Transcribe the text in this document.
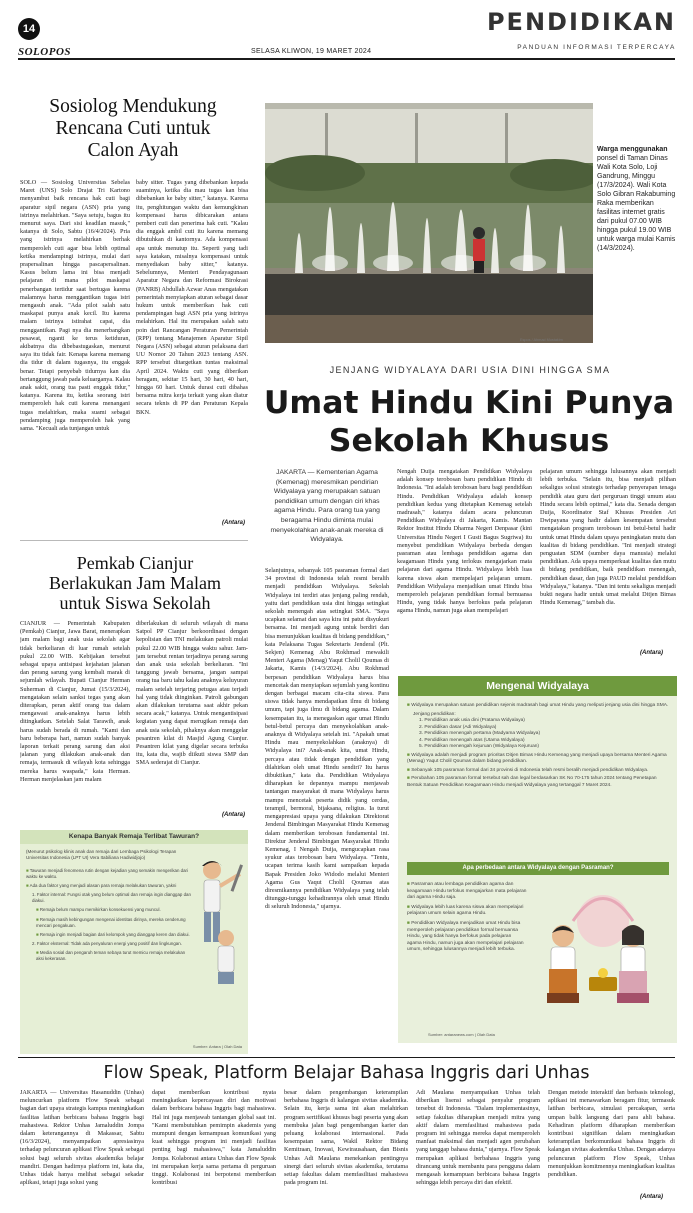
14
SOLOPOS	SELASA KLIWON, 19 MARET 2024
PENDIDIKAN
PANDUAN INFORMASI TERPERCAYA
Sosiolog Mendukung
Rencana Cuti untuk
Calon Ayah
SOLO — Sosiolog Universitas Sebelas Maret (UNS) Solo Drajat Tri Kartono menyambut baik rencana hak cuti bagi aparatur sipil negara (ASN) pria yang istrinya melahirkan. "Saya setuju, bagus itu menurut saya. Dari sisi keadilan masuk," katanya di Solo, Sabtu (16/4/2024). Pria yang istrinya melahirkan berhak memperoleh cuti agar bisa lebih optimal ketika mendampingi istrinya, mulai dari prapersalinan hingga pascapersalinan. Kasus belum lama ini bisa menjadi pelajaran di mana pilot maskapai penerbangan tertidur saat bertugas karena malamnya harus menggantikan tugas istri mengasuh anak. "Ada pilot salah satu maskapai punya anak kecil. Itu karena malam istrinya istirahat capai, dia menggantikan. Pagi nya dia menerbangkan pesawat, nganti ke terus ketiduran, akibatnya dia dibebastugaskan, menurut saya itu tidak fair. Kenapa karena memang dia tidur di dalam tugasnya, itu enggak benar. Tetapi penyebab tidurnya kan dia bertanggung jawab pada keluarganya. Kalau anak sakit, orang tua pasti enggak tidur," katanya. Karena itu, ketika seorang istri memperoleh hak cuti karena menangani tugas melahirkan, maka suami sebagai pendamping juga memperoleh hak yang sama. "Kecuali ada tunjangan untuk
baby sitter. Tugas yang dibebankan kepada suaminya, ketika dia mau tugas kan bisa dibebankan ke baby sitter," katanya. Karena itu, penghitungan waktu dan kemungkinan kompensasi harus dibicarakan antara pemberi cuti dan penerima hak cuti. "Kalau dia enggak ambil cuti itu karena memang dibutuhkan di kantornya. Ada kompensasi apa untuk menutup itu. Seperti yang tadi saya katakan, misalnya kompensasi untuk menyediakan baby sitter," katanya. Sebelumnya, Menteri Pendayagunaan Aparatur Negara dan Reformasi Birokrasi (PANRB) Abdullah Azwar Anas mengatakan pemerintah menyiapkan aturan sebagai dasar hukum untuk memberikan hak cuti pendampingan bagi ASN pria yang istrinya melahirkan. Hal itu merupakan salah satu poin dari Rancangan Peraturan Pemerintah (RPP) tentang Manajemen Aparatur Sipil Negara (ASN) sebagai aturan pelaksana dari UU Nomor 20 Tahun 2023 tentang ASN. RPP tersebut ditargetkan tuntas maksimal April 2024. Waktu cuti yang diberikan beragam, sekitar 15 hari, 30 hari, 40 hari, hingga 60 hari. Untuk durasi cuti dibahas bersama mitra kerja terkait yang akan diatur secara teknis di PP dan Peraturan Kepala BKN.
(Antara)
Pemkab Cianjur
Berlakukan Jam Malam
untuk Siswa Sekolah
CIANJUR — Pemerintah Kabupaten (Pemkab) Cianjur, Jawa Barat, menerapkan jam malam bagi anak usia sekolah agar tidak berkeliaran di luar rumah setelah pukul 22.00 WIB. Kebijakan tersebut sebagai upaya antisipasi kejahatan jalanan dan perang sarung yang kembali marak di sejumlah wilayah. Bupati Cianjur Herman Suherman di Cianjur, Jumat (15/3/2024), mengatakan selain sanksi tegas yang akan diterapkan, peran aktif orang tua dalam mengawasi anak-anaknya harus lebih ditingkatkan. Setelah Salat Tarawih, anak harus sudah berada di rumah. "Kami dan baru beberapa hari, namun sudah banyak laporan terkait perang sarung dan aksi jalanan yang dilakukan anak-anak dan remaja, termasuk di wilayah kota sehingga mereka harus waspada," kata Herman. Herman menjelaskan jam malam
diberlakukan di seluruh wilayah di mana Satpol PP Cianjur berkoordinasi dengan kepolisian dan TNI melakukan patroli mulai pukul 22.00 WIB hingga waktu sahur. Jam-jam tersebut rentan terjadinya perang sarung dan anak usia sekolah berkeliaran. "Ini tanggung jawab bersama, jangan sampai orang tua baru tahu kalau anaknya keluyuran malam setelah terjaring petugas atau terjadi hal yang tidak diinginkan. Patroli gabungan akan dilakukan terutama saat akhir pekan secara acak," katanya. Untuk mengantisipasi kegiatan yang dapat merugikan remaja dan anak usia sekolah, pihaknya akan menggelar pesantren kilat di Masjid Agung Cianjur. Pesantren kilat yang digelar secara terbuka itu, kata dia, wajib diikuti siswa SMP dan SMA sederajat di Cianjur.
(Antara)
Kenapa Banyak Remaja Terlibat Tawuran?
(Menurut psikolog klinis anak dan remaja dari Lembaga Psikologi Terapan Universitas Indonesia (LPT UI) Vera Itabiliana Hadiwidjojo)
■ Tawuran menjadi fenomena rutin dengan kejadian yang semakin mengerikan dari waktu ke waktu.
■ Ada dua faktor yang menjadi alasan para remaja melakukan tawuran, yakni
1. Faktor internal: Fungsi otak yang belum optimal dan remaja ingin dianggap dan diakui.
■ Remaja belum mampu memikirkan konsekuensi yang muncul.
■ Remaja masih kebingungan mengenai identitas dirinya, mereka cenderung mencari pengakuan.
■ Remaja ingin menjadi bagian dari kelompok yang dianggap keren dan diakui.
2. Faktor eksternal: Tidak ada penyaluran energi yang positif dan lingkungan.
■ Media sosial dan pengaruh teman sebaya turut memicu remaja melakukan aksi kekerasan.
Sumber: Antara | Olah Data
Espos / Ahmad Mustakim
Warga menggunakan
ponsel di Taman Dinas Wali Kota Solo, Loji Gandrung, Minggu (17/3/2024). Wali Kota Solo Gibran Rakabuming Raka memberikan fasilitas internet gratis dari pukul 07.00 WIB hingga pukul 19.00 WIB untuk warga mulai Kamis (14/3/2024).
JENJANG WIDYALAYA DARI USIA DINI HINGGA SMA
Umat Hindu Kini Punya
Sekolah Khusus
JAKARTA — Kementerian Agama (Kemenag) meresmikan pendirian Widyalaya yang merupakan satuan pendidikan umum dengan ciri khas agama Hindu. Para orang tua yang beragama Hindu diminta mulai menyekolahkan anak-anak mereka di Widyalaya.
Selanjutnya, sebanyak 105 pasraman formal dari 34 provinsi di Indonesia telah resmi beralih menjadi pendidikan Widyalaya. Sekolah Widyalaya ini terdiri atas jenjang paling rendah, yaitu dari pendidikan usia dini hingga setingkat sekolah menengah atas setingkat SMA. "Saya ucapkan selamat dan saya kira ini patut disyukuri bersama. Ini menjadi agung untuk berdiri dan bisa menunjukkan kualitas di bidang pendidikan," kata Pelaksana Tugas Sekretaris Jenderal (Plt. Sekjen) Kemenag Abu Rokhmad mewakili Menteri Agama (Menag) Yaqut Cholil Qoumas di Jakarta, Kamis (14/3/2024). Abu Rokhmad berpesan pendidikan Widyalaya harus bisa mencetak dan menyiapkan sejumlah yang kontinu dengan berbagai macam cita-cita siswa. Para siswa tidak hanya mendapatkan ilmu di bidang umum, tapi juga ilmu di bidang agama. Dalam kesempatan itu, ia menegaskan agar umat Hindu betul-betul percaya dan menyekolahkan anak-anaknya di Widyalaya setelah ini. "Apakah umat Hindu mau menyekolahkan (anaknya) di Widyalaya ini? Anak-anak kita, umat Hindu, percaya atau tidak dengan pendidikan yang dilahirkan oleh umat Hindu sendiri? Itu harus dibuktikan," kata dia. Pendidikan Widyalaya diharapkan ke depannya mampu menjawab tantangan masyarakat di mana Widyalaya harus mampu mencetak peserta didik yang cerdas, terampil, bermoral, bijaksana, religius. Ia turut mengapresiasi upaya yang dilakukan Direktorat Jenderal Bimbingan Masyarakat Hindu Kemenag dalam memberikan terobosan fundamental ini. Direktur Jenderal Bimbingan Masyarakat Hindu Kemenag, I Nengah Duija, mengucapkan rasa syukur atas terobosan baru Widyalaya. "Tentu, ucapan terima kasih kami sampaikan kepada Bapak Presiden Joko Widodo melalui Menteri Agama Gus Yaqut Cholil Qoumas atas diresmikannya pendidikan Widyalaya yang telah ditunggu-tunggu kehadirannya oleh umat Hindu di seluruh Indonesia," ujarnya.
Nengah Duija mengatakan Pendidikan Widyalaya adalah konsep terobosan baru pendidikan Hindu di Indonesia. "Ini adalah terobosan baru bagi pendidikan Hindu. Pendidikan Widyalaya adalah konsep pendidikan kedua yang ditetapkan Kemenag setelah madrasah," katanya dalam acara peluncuran Pendidikan Widyalaya di Jakarta, Kamis. Mantan Rektor Institut Hindu Dharma Negeri Denpasar (kini Universitas Hindu Negeri I Gusti Bagus Sugriwa) itu menyebut pendidikan Widyalaya berbeda dengan pasraman atau lembaga pendidikan agama dan keagamaan Hindu yang terlokus mengajarkan mata pelajaran dari agama Hindu. Widyalaya lebih luas karena siswa akan mempelajari pelajaran umum. Pendidikan Widyalaya menjadikan umat Hindu bisa memperoleh pelajaran pendidikan formal bernuansa Hindu, yang tidak hanya berfokus pada pelajaran agama Hindu, namun juga akan mempelajari
pelajaran umum sehingga lulusannya akan menjadi lebih terbuka. "Selain itu, bisa menjadi pilihan sekaligus solusi strategis terhadap penyerapan tenaga pendidik atau guru dari perguruan tinggi umum atau Hindu secara lebih optimal," kata dia. Senada dengan Duija, Koordinator Staf Khusus Presiden Ari Dwipayana yang hadir dalam kesempatan tersebut mengatakan program terobosan ini betul-betul hadir untuk umat Hindu dalam upaya peningkatan mutu dan kualitas di bidang pendidikan. "Ini menjadi strategi penguatan SDM (sumber daya manusia) melalui pendidikan. Ada upaya memperkuat kualitas dan mutu di bidang pendidikan, baik pendidikan menengah, pendidikan dasar, dan juga PAUD melalui pendidikan Widyalaya," katanya. "Dan ini tentu sekaligus menjadi bukti negara hadir untuk umat melalui Ditjen Bimas Hindu Kemenag," tambah dia.
(Antara)
Mengenal Widyalaya
■ Widyalaya merupakan satuan pendidikan sejenis madrasah bagi umat Hindu yang meliputi jenjang usia dini hingga SMA.
Jenjang pendidikan:
1. Pendidikan anak usia dini (Pratama Widyalaya)
2. Pendidikan dasar (Adi Widyalaya)
3. Pendidikan menengah pertama (Madyama Widyalaya)
4. Pendidikan menengah atas (Utama Widyalaya)
5. Pendidikan menengah kejuruan (Widyalaya Kejuruan)
■ Widyalaya adalah menjadi program prioritas Ditjen Bimas Hindu Kemenag yang menjadi upaya bersama Menteri Agama (Menag) Yaqut Cholil Qoumas dalam bidang pendidikan.
■ Sebanyak 105 pasraman formal dari 34 provinsi di Indonesia telah resmi beralih menjadi pendidikan Widyalaya.
■ Perubahan 105 pasraman formal tersebut sah dan legal berdasarkan SK No 70-175 tahun 2024 tentang Penetapan Bentuk Satuan Pendidikan Keagamaan Hindu menjadi Widyalaya yang tertanggal 7 Maret 2024.
Apa perbedaan antara Widyalaya dengan Pasraman?
■ Pasraman atau lembaga pendidikan agama dan keagamaan Hindu terfokus mengajarkan mata pelajaran dari agama Hindu saja.
■ Widyalaya lebih luas karena siswa akan mempelajari pelajaran umum selain agama Hindu.
■ Pendidikan Widyalaya menjadikan umat Hindu bisa memperoleh pelajaran pendidikan formal bernuansa Hindu, yang tidak hanya berfokus pada pelajaran agama Hindu, namun juga akan mempelajari pelajaran umum, sehingga lulusannya menjadi lebih terbuka.
Sumber: antaranews.com | Olah Data
Flow Speak, Platform Belajar Bahasa Inggris dari Unhas
JAKARTA — Universitas Hasanuddin (Unhas) meluncurkan platform Flow Speak sebagai bagian dari upaya strategis kampus meningkatkan fasilitas latihan berbicara bahasa Inggris bagi mahasiswa. Rektor Unhas Jamaluddin Jompa dalam keterangannya di Makassar, Sabtu (16/3/2024), menyampaikan apresiasinya terhadap peluncuran aplikasi Flow Speak sebagai solusi bagi seluruh sivitas akademika belajar mandiri. Dengan hadirnya platform ini, kata dia, Unhas tidak hanya melihat sebagai sekadar aplikasi, tetapi juga solusi yang
dapat memberikan kontribusi nyata meningkatkan kepercayaan diri dan motivasi dalam berbicara bahasa Inggris bagi mahasiswa. Hal ini juga menjawab tantangan global saat ini. "Kami membutuhkan pemimpin akademis yang mumpuni dengan kemampuan komunikasi yang kuat sehingga program ini menjadi fasilitas penting bagi mahasiswa," kata Jamaluddin Jompa. Kolaborasi antara Unhas dan Flow Speak ini merupakan kerja sama pertama di perguruan tinggi. Kolaborasi ini berpotensi memberikan kontribusi
besar dalam pengembangan keterampilan berbahasa Inggris di kalangan sivitas akademika. Selain itu, kerja sama ini akan melahirkan program sertifikasi khusus bagi peserta yang akan membuka jalan bagi pengembangan karier dan peluang kolaborasi internasional. Pada kesempatan sama, Wakil Rektor Bidang Kemitraan, Inovasi, Kewirausahaan, dan Bisnis Unhas Adi Maulana menekankan pentingnya sinergi dari seluruh sivitas akademika, terutama setiap fakultas dalam memfasilitasi mahasiswa pada program ini.
Adi Maulana menyampaikan Unhas telah diberikan lisensi sebagai penyalur program tersebut di Indonesia. "Dalam implementasinya, setiap fakultas diharapkan menjadi mitra yang aktif dalam memfasilitasi mahasiswa pada program ini sehingga mereka dapat memperoleh manfaat maksimal dan menjadi agen perubahan yang tanggap bahasa dunia," ujarnya. Flow Speak merupakan aplikasi berbahasa Inggris yang dirancang untuk membantu para pengguna dalam mengasah kemampuan berbicara bahasa Inggris sehingga lebih percaya diri dan efektif.
Dengan metode interaktif dan berbasis teknologi, aplikasi ini menawarkan beragam fitur, termasuk latihan berbicara, simulasi percakapan, serta umpan balik langsung dari para ahli bahasa. Kehadiran platform diharapkan memberikan kontribusi signifikan dalam meningkatkan keterampilan berkomunikasi bahasa Inggris di kalangan sivitas akademika Unhas. Dengan adanya peluncuran platform Flow Speak, Unhas menunjukkan komitmennya meningkatkan kualitas pendidikan.
(Antara)
